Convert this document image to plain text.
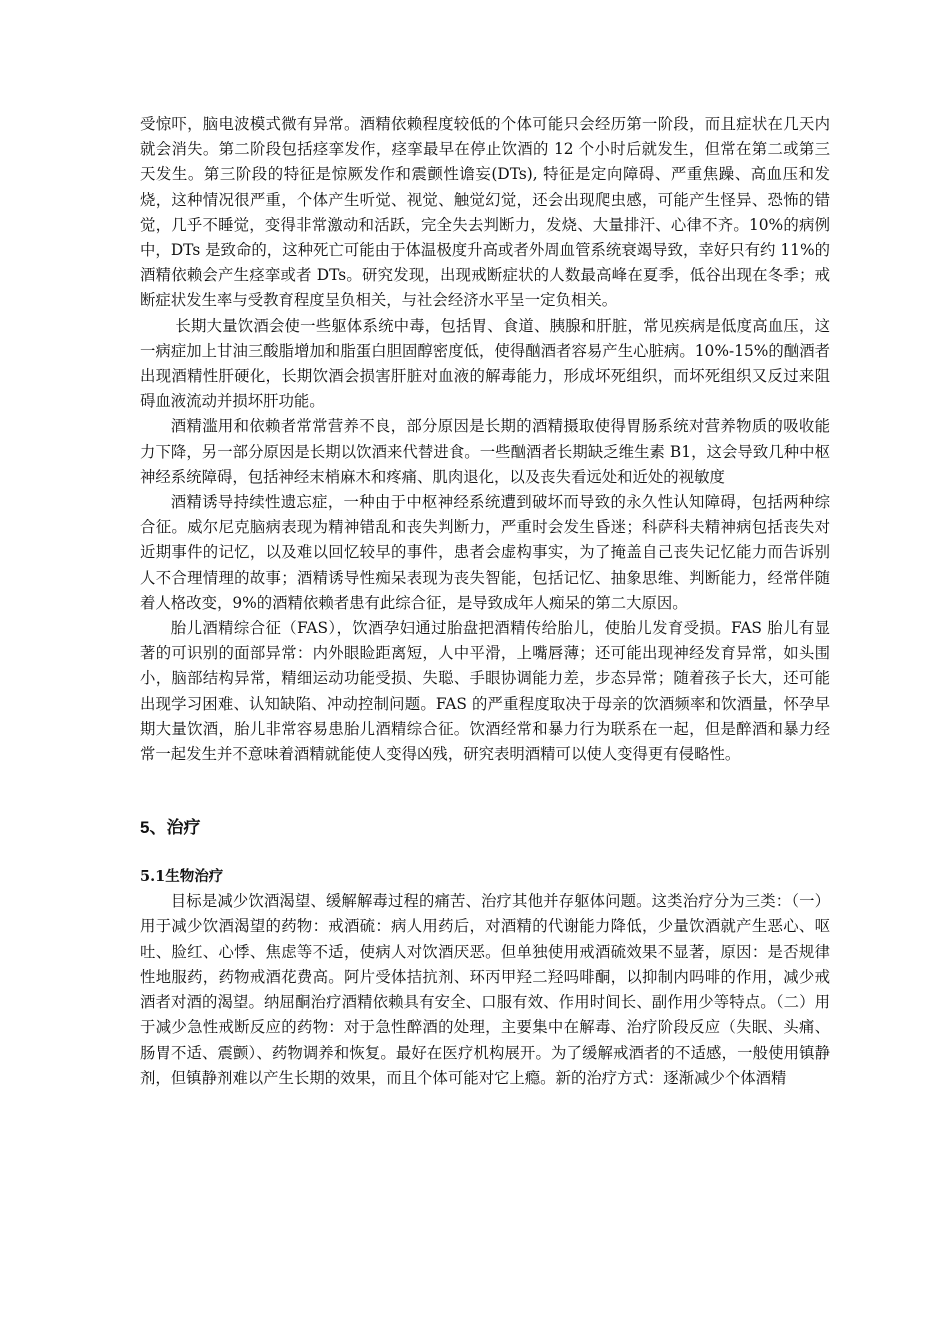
受惊吓，脑电波模式微有异常。酒精依赖程度较低的个体可能只会经历第一阶段，而且症状在几天内就会消失。第二阶段包括痉挛发作，痉挛最早在停止饮酒的 12 个小时后就发生，但常在第二或第三天发生。第三阶段的特征是惊厥发作和震颤性谵妄(DTs), 特征是定向障碍、严重焦躁、高血压和发烧，这种情况很严重，个体产生听觉、视觉、触觉幻觉，还会出现爬虫感，可能产生怪异、恐怖的错觉，几乎不睡觉，变得非常激动和活跃，完全失去判断力，发烧、大量排汗、心律不齐。10%的病例中，DTs 是致命的，这种死亡可能由于体温极度升高或者外周血管系统衰竭导致，幸好只有约 11%的酒精依赖会产生痉挛或者 DTs。研究发现，出现戒断症状的人数最高峰在夏季，低谷出现在冬季；戒断症状发生率与受教育程度呈负相关，与社会经济水平呈一定负相关。

长期大量饮酒会使一些躯体系统中毒，包括胃、食道、胰腺和肝脏，常见疾病是低度高血压，这一病症加上甘油三酸脂增加和脂蛋白胆固醇密度低，使得酗酒者容易产生心脏病。10%-15%的酗酒者出现酒精性肝硬化，长期饮酒会损害肝脏对血液的解毒能力，形成坏死组织，而坏死组织又反过来阻碍血液流动并损坏肝功能。

酒精滥用和依赖者常常营养不良，部分原因是长期的酒精摄取使得胃肠系统对营养物质的吸收能力下降，另一部分原因是长期以饮酒来代替进食。一些酗酒者长期缺乏维生素 B1，这会导致几种中枢神经系统障碍，包括神经末梢麻木和疼痛、肌肉退化，以及丧失看远处和近处的视敏度

酒精诱导持续性遗忘症，一种由于中枢神经系统遭到破坏而导致的永久性认知障碍，包括两种综合征。威尔尼克脑病表现为精神错乱和丧失判断力，严重时会发生昏迷；科萨科夫精神病包括丧失对近期事件的记忆，以及难以回忆较早的事件，患者会虚构事实，为了掩盖自己丧失记忆能力而告诉别人不合理情理的故事；酒精诱导性痴呆表现为丧失智能，包括记忆、抽象思维、判断能力，经常伴随着人格改变，9%的酒精依赖者患有此综合征，是导致成年人痴呆的第二大原因。

胎儿酒精综合征（FAS），饮酒孕妇通过胎盘把酒精传给胎儿，使胎儿发育受损。FAS 胎儿有显著的可识别的面部异常：内外眼睑距离短，人中平滑，上嘴唇薄；还可能出现神经发育异常，如头围小，脑部结构异常，精细运动功能受损、失聪、手眼协调能力差，步态异常；随着孩子长大，还可能出现学习困难、认知缺陷、冲动控制问题。FAS 的严重程度取决于母亲的饮酒频率和饮酒量，怀孕早期大量饮酒，胎儿非常容易患胎儿酒精综合征。饮酒经常和暴力行为联系在一起，但是醉酒和暴力经常一起发生并不意味着酒精就能使人变得凶残，研究表明酒精可以使人变得更有侵略性。

5、治疗
5.1生物治疗

目标是减少饮酒渴望、缓解解毒过程的痛苦、治疗其他并存躯体问题。这类治疗分为三类：（一）用于减少饮酒渴望的药物：戒酒硫：病人用药后，对酒精的代谢能力降低，少量饮酒就产生恶心、呕吐、脸红、心悸、焦虑等不适，使病人对饮酒厌恶。但单独使用戒酒硫效果不显著，原因：是否规律性地服药，药物戒酒花费高。阿片受体拮抗剂、环丙甲羟二羟吗啡酮，以抑制内吗啡的作用，减少戒酒者对酒的渴望。纳屈酮治疗酒精依赖具有安全、口服有效、作用时间长、副作用少等特点。（二）用于减少急性戒断反应的药物：对于急性醉酒的处理，主要集中在解毒、治疗阶段反应（失眠、头痛、肠胃不适、震颤）、药物调养和恢复。最好在医疗机构展开。为了缓解戒酒者的不适感，一般使用镇静剂，但镇静剂难以产生长期的效果，而且个体可能对它上瘾。新的治疗方式：逐渐减少个体酒精
